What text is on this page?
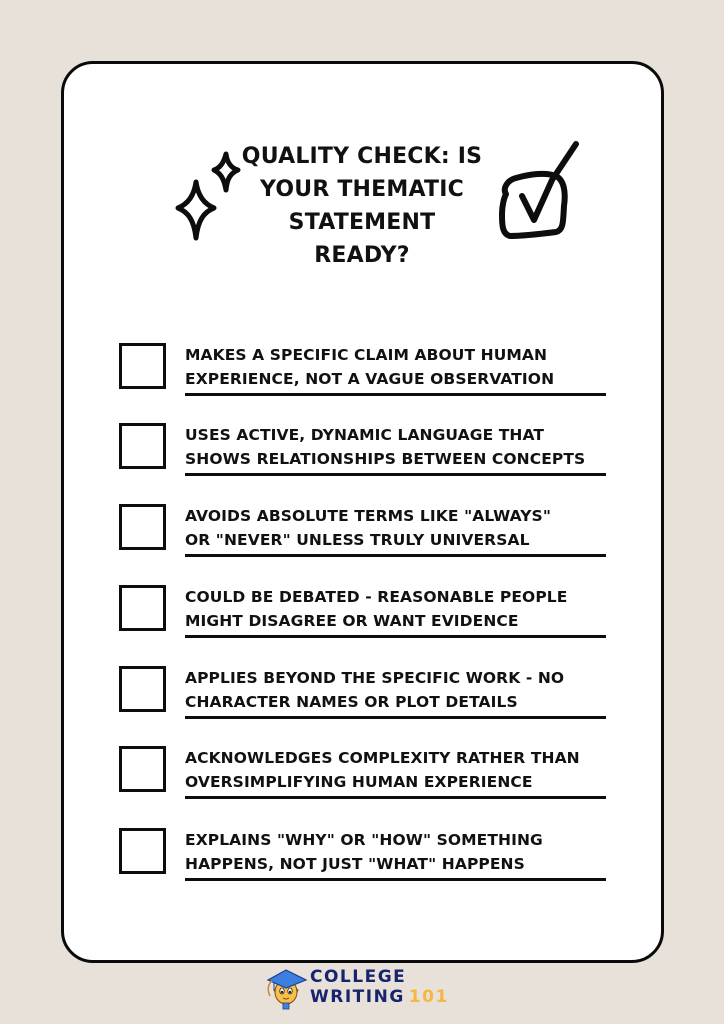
QUALITY CHECK: IS
YOUR THEMATIC
STATEMENT
READY?
MAKES A SPECIFIC CLAIM ABOUT HUMAN
EXPERIENCE, NOT A VAGUE OBSERVATION
USES ACTIVE, DYNAMIC LANGUAGE THAT
SHOWS RELATIONSHIPS BETWEEN CONCEPTS
AVOIDS ABSOLUTE TERMS LIKE "ALWAYS"
OR "NEVER" UNLESS TRULY UNIVERSAL
COULD BE DEBATED - REASONABLE PEOPLE
MIGHT DISAGREE OR WANT EVIDENCE
APPLIES BEYOND THE SPECIFIC WORK - NO
CHARACTER NAMES OR PLOT DETAILS
ACKNOWLEDGES COMPLEXITY RATHER THAN
OVERSIMPLIFYING HUMAN EXPERIENCE
EXPLAINS "WHY" OR "HOW" SOMETHING
HAPPENS, NOT JUST "WHAT" HAPPENS
COLLEGE
WRITING 101
